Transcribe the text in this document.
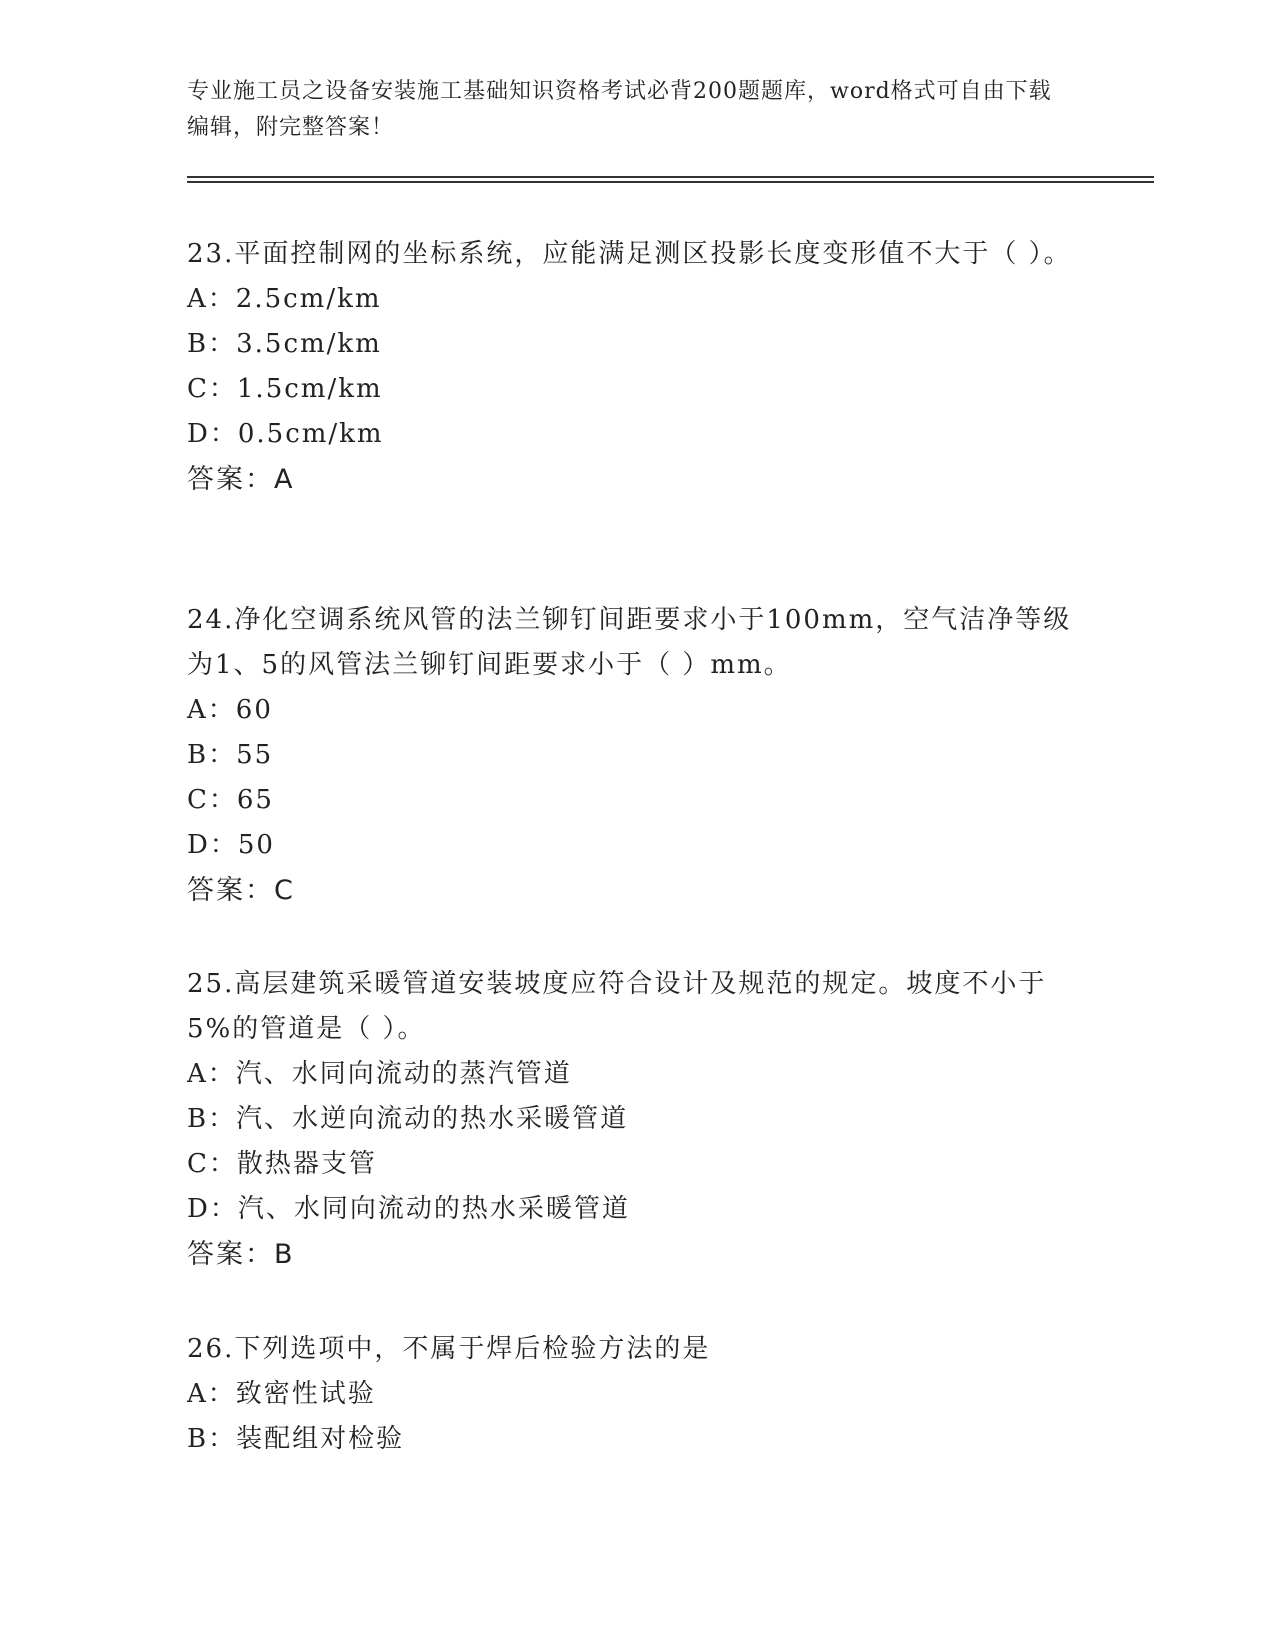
专业施工员之设备安装施工基础知识资格考试必背200题题库，word格式可自由下载编辑，附完整答案！

23.平面控制网的坐标系统，应能满足测区投影长度变形值不大于（ ）。

A：2.5cm/km

B：3.5cm/km

C：1.5cm/km

D：0.5cm/km

答案：A

24.净化空调系统风管的法兰铆钉间距要求小于100mm，空气洁净等级为1、5的风管法兰铆钉间距要求小于（ ）mm。

A：60

B：55

C：65

D：50

答案：C

25.高层建筑采暖管道安装坡度应符合设计及规范的规定。坡度不小于5%的管道是（ ）。

A：汽、水同向流动的蒸汽管道

B：汽、水逆向流动的热水采暖管道

C：散热器支管

D：汽、水同向流动的热水采暖管道

答案：B

26.下列选项中，不属于焊后检验方法的是

A：致密性试验

B：装配组对检验
